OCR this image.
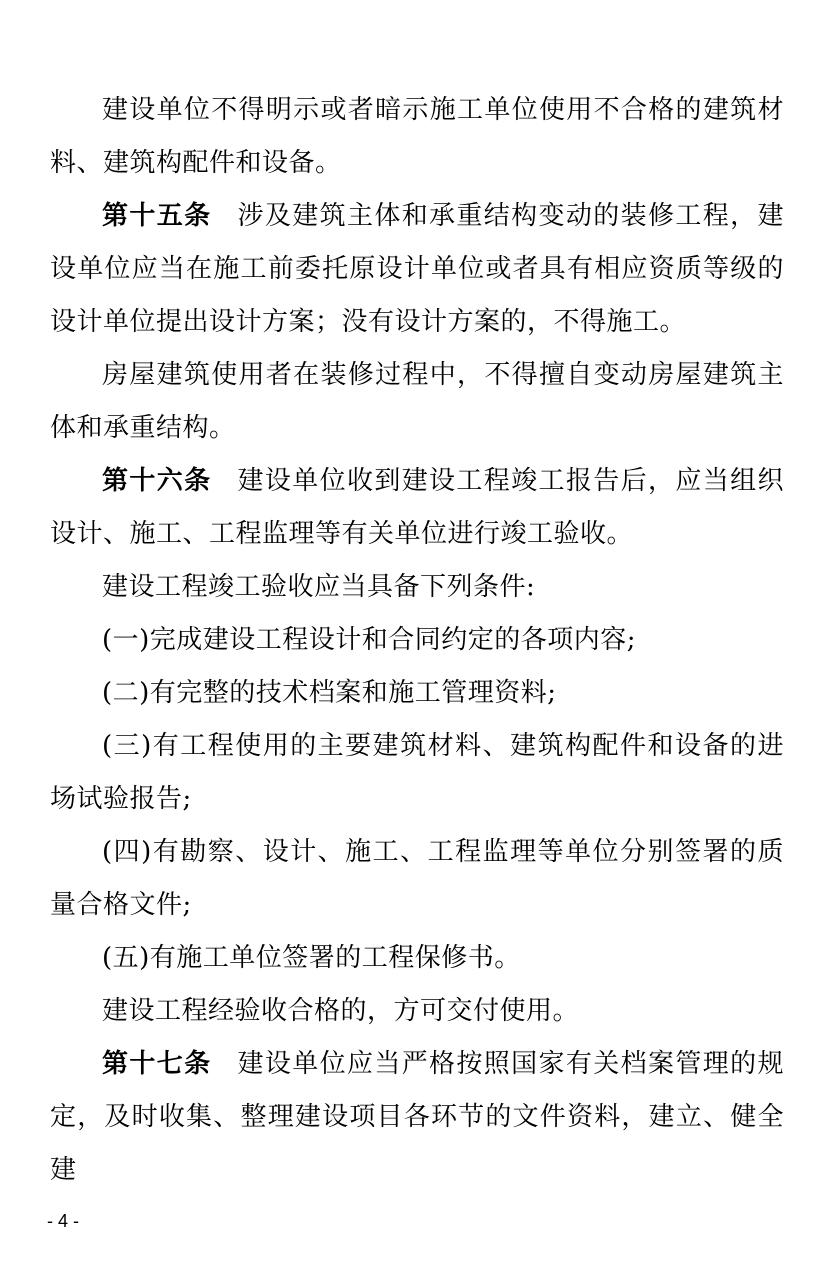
建设单位不得明示或者暗示施工单位使用不合格的建筑材料、建筑构配件和设备。

第十五条 涉及建筑主体和承重结构变动的装修工程，建设单位应当在施工前委托原设计单位或者具有相应资质等级的设计单位提出设计方案；没有设计方案的，不得施工。

房屋建筑使用者在装修过程中，不得擅自变动房屋建筑主体和承重结构。

第十六条 建设单位收到建设工程竣工报告后，应当组织设计、施工、工程监理等有关单位进行竣工验收。

建设工程竣工验收应当具备下列条件:

(一)完成建设工程设计和合同约定的各项内容;

(二)有完整的技术档案和施工管理资料;

(三)有工程使用的主要建筑材料、建筑构配件和设备的进场试验报告;

(四)有勘察、设计、施工、工程监理等单位分别签署的质量合格文件;

(五)有施工单位签署的工程保修书。

建设工程经验收合格的，方可交付使用。

第十七条 建设单位应当严格按照国家有关档案管理的规定，及时收集、整理建设项目各环节的文件资料，建立、健全建

- 4 -
